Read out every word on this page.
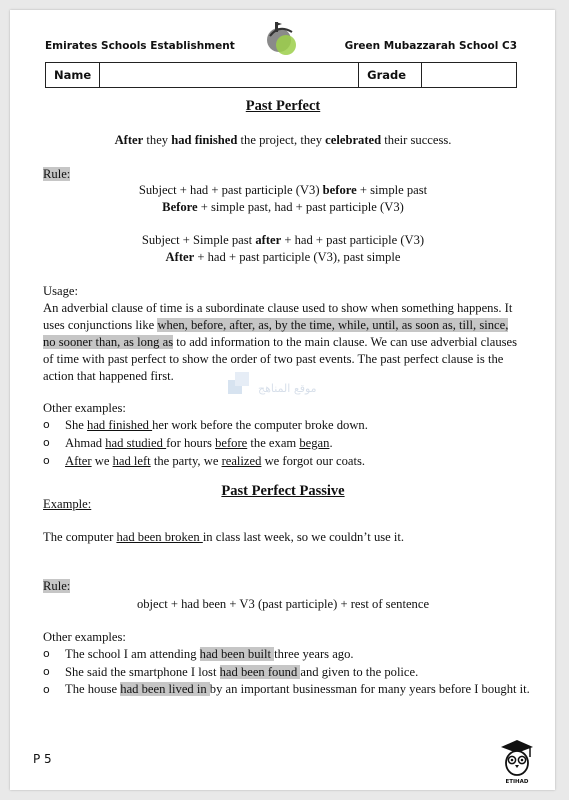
Emirates Schools Establishment	Green Mubazzarah School C3
Name		Grade	
Past Perfect
After they had finished the project, they celebrated their success.
Rule:
Subject + had + past participle (V3) before + simple past
Before + simple past, had + past participle (V3)
Subject + Simple past after + had + past participle (V3)
After + had + past participle (V3), past simple
Usage:
An adverbial clause of time is a subordinate clause used to show when something happens. It uses conjunctions like when, before, after, as, by the time, while, until, as soon as, till, since, no sooner than, as long as to add information to the main clause. We can use adverbial clauses of time with past perfect to show the order of two past events. The past perfect clause is the action that happened first.
موقع المناهج
Other examples:
o She had finished her work before the computer broke down.
o Ahmad had studied for hours before the exam began.
o After we had left the party, we realized we forgot our coats.
Past Perfect Passive
Example:
The computer had been broken in class last week, so we couldn’t use it.
Rule:
object + had been + V3 (past participle) + rest of sentence
Other examples:
o The school I am attending had been built three years ago.
o She said the smartphone I lost had been found and given to the police.
o The house had been lived in by an important businessman for many years before I bought it.
P 5
ETIHAD
